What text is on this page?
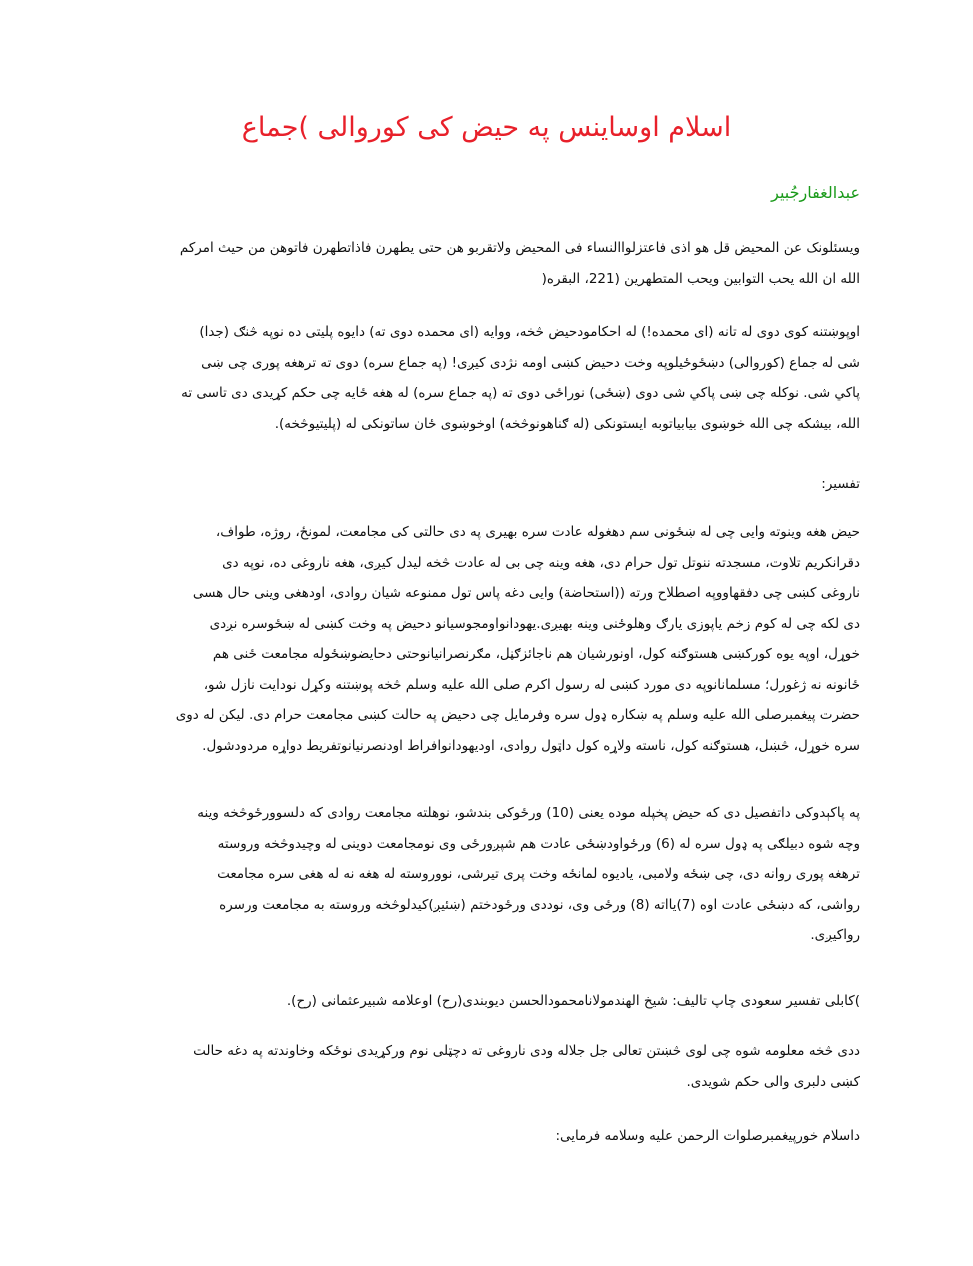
اسلام اوساینس په حیض کی کوروالی )جماع
عبدالغفارجُبیر

ویسئلونک عن المحیض قل ھو اذی فاعتزلواالنساء فی المحیض ولاتقربو ھن حتی یطھرن فاذاتطھرن فاتوھن من حیث امرکم
الله ان الله یحب التوابین ویحب المتطھرین (221، البقره(

اوپوښتنه کوی دوی له تانه (ای محمده!) له احکامودحیض څخه، ووایه (ای محمده دوی ته) دایوه پلیتی ده نوپه څنګ (جدا)
شی له جماع (کوروالی) دښځوځیلوپه وخت دحیض کښی اومه نژدی کیږی! (په جماع سره) دوی ته ترهغه پوری چی ښی
پاکي شی. نوکله چی ښی پاکي شی دوی (ښځی) نوراځی دوی ته (په جماع سره) له هغه ځایه چی حکم کړیدی دی تاسی ته
الله، بیشکه چی الله خوښوی بیابیاتوبه ایستونکی (له ګناھونوڅخه) اوخوښوی ځان ساتونکی له (پلیتیوڅخه).

تفسیر:

حیض هغه وینوته وایی چی له ښځونی سم دهغوله عادت سره بهیری په دی حالتی کی مجامعت، لمونځ، روژه، طواف،
دقرانکریم تلاوت، مسجدته ننوتل تول حرام دی، هغه وینه چی بی له عادت څخه لیدل کیږی، هغه ناروغی ده، نوپه دی
ناروغی کښی چی دفقهاووپه اصطلاح ورته ((استحاضة) وایی دغه پاس تول ممنوعه شیان روادی، اودهغی وینی حال هسی
دی لکه چی له کوم زخم یاپوزی یارګ وهلوځنی وینه بهیږی.یهودانواومجوسیانو دحیض په وخت کښی له ښځوسره نږدی
خوړل، اوپه یوه کورکښی هستوګنه کول، اونورشیان هم ناجائزګڼل، مګرنصرانیانوحتی دحایضوښځوله مجامعت ځنی هم
ځانونه نه ژغورل؛ مسلمانانوپه دی مورد کښی له رسول اکرم صلی الله علیه وسلم څخه پوښتنه وکړل نودایت نازل شو،
حضرت پیغمبرصلی الله علیه وسلم په ښکاره ډول سره وفرمایل چی دحیض په حالت کښی مجامعت حرام دی. لیکن له دوی
سره خوړل، څښل، هستوګنه کول، ناسته ولاړه کول داټول روادی، اودیهودانوافراط اودنصرنیانوتفریط دواړه مردودشول.

په پاکېدوکی داتفصیل دی که حیض پخپله موده یعنی (10) ورځوکی بندشو، نوهلته مجامعت روادی که دلسوورځوڅخه وینه
وچه شوه دبیلګی په ډول سره له (6) ورځواودښځی عادت هم شپږورځی وی نومجامعت دوینی له وچیدوڅخه وروسته
ترهغه پوری روانه دی، چی ښځه ولامبی، یادیوه لمانځه وخت پری تیرشی، نووروسته له هغه نه له هغی سره مجامعت
رواشی، که دښځی عادت اوه (7)یااته (8) ورځی وی، نوددی ورځودختم (ښئیږ)کیدلوڅخه وروسته به مجامعت ورسره
رواکیږی.

)کابلی تفسیر سعودی چاپ تالیف: شیخ الهندمولانامحمودالحسن دیوبندی(رح) اوعلامه شبیرعثمانی (رح).

ددی څخه معلومه شوه چی لوی څښتن تعالی جل جلاله ودی ناروغی ته دچټلی نوم ورکړیدی نوځکه وخاوندته په دغه حالت
کښی دلبری والی حکم شویدی.

داسلام خورپیغمبرصلوات الرحمن علیه وسلامه فرمایی:
